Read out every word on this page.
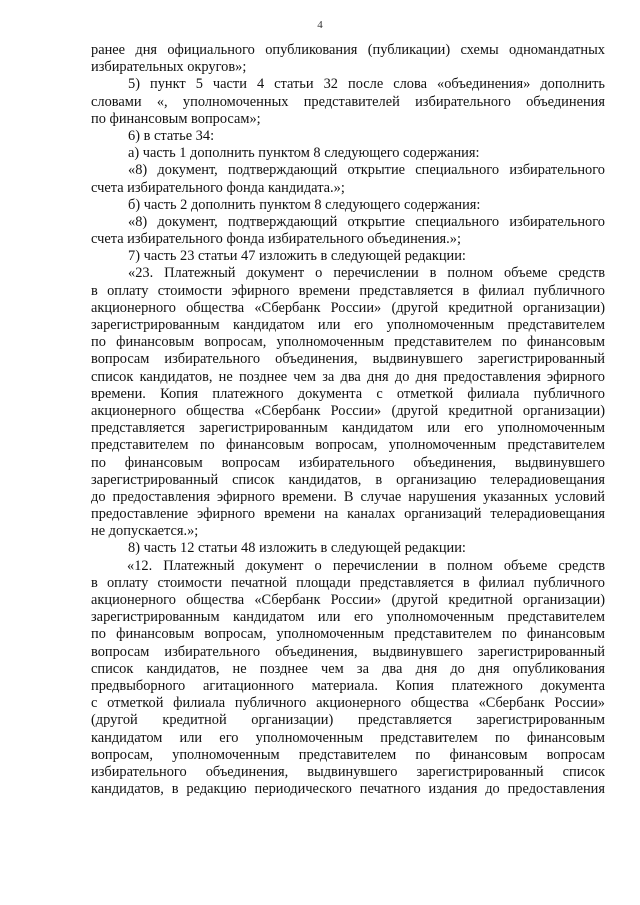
4
ранее дня официального опубликования (публикации) схемы одномандатных
избирательных округов»;
5) пункт 5 части 4 статьи 32 после слова «объединения» дополнить
словами «, уполномоченных представителей избирательного объединения
по финансовым вопросам»;
6) в статье 34:
а) часть 1 дополнить пунктом 8 следующего содержания:
«8) документ, подтверждающий открытие специального избирательного
счета избирательного фонда кандидата.»;
б) часть 2 дополнить пунктом 8 следующего содержания:
«8) документ, подтверждающий открытие специального избирательного
счета избирательного фонда избирательного объединения.»;
7) часть 23 статьи 47 изложить в следующей редакции:
«23. Платежный документ о перечислении в полном объеме средств
в оплату стоимости эфирного времени представляется в филиал публичного
акционерного общества «Сбербанк России» (другой кредитной организации)
зарегистрированным кандидатом или его уполномоченным представителем
по финансовым вопросам, уполномоченным представителем по финансовым
вопросам избирательного объединения, выдвинувшего зарегистрированный
список кандидатов, не позднее чем за два дня до дня предоставления эфирного
времени. Копия платежного документа с отметкой филиала публичного
акционерного общества «Сбербанк России» (другой кредитной организации)
представляется зарегистрированным кандидатом или его уполномоченным
представителем по финансовым вопросам, уполномоченным представителем
по финансовым вопросам избирательного объединения, выдвинувшего
зарегистрированный список кандидатов, в организацию телерадиовещания
до предоставления эфирного времени. В случае нарушения указанных условий
предоставление эфирного времени на каналах организаций телерадиовещания
не допускается.»;
8) часть 12 статьи 48 изложить в следующей редакции:
«12. Платежный документ о перечислении в полном объеме средств
в оплату стоимости печатной площади представляется в филиал публичного
акционерного общества «Сбербанк России» (другой кредитной организации)
зарегистрированным кандидатом или его уполномоченным представителем
по финансовым вопросам, уполномоченным представителем по финансовым
вопросам избирательного объединения, выдвинувшего зарегистрированный
список кандидатов, не позднее чем за два дня до дня опубликования
предвыборного агитационного материала. Копия платежного документа
с отметкой филиала публичного акционерного общества «Сбербанк России»
(другой кредитной организации) представляется зарегистрированным
кандидатом или его уполномоченным представителем по финансовым
вопросам, уполномоченным представителем по финансовым вопросам
избирательного объединения, выдвинувшего зарегистрированный список
кандидатов, в редакцию периодического печатного издания до предоставления
